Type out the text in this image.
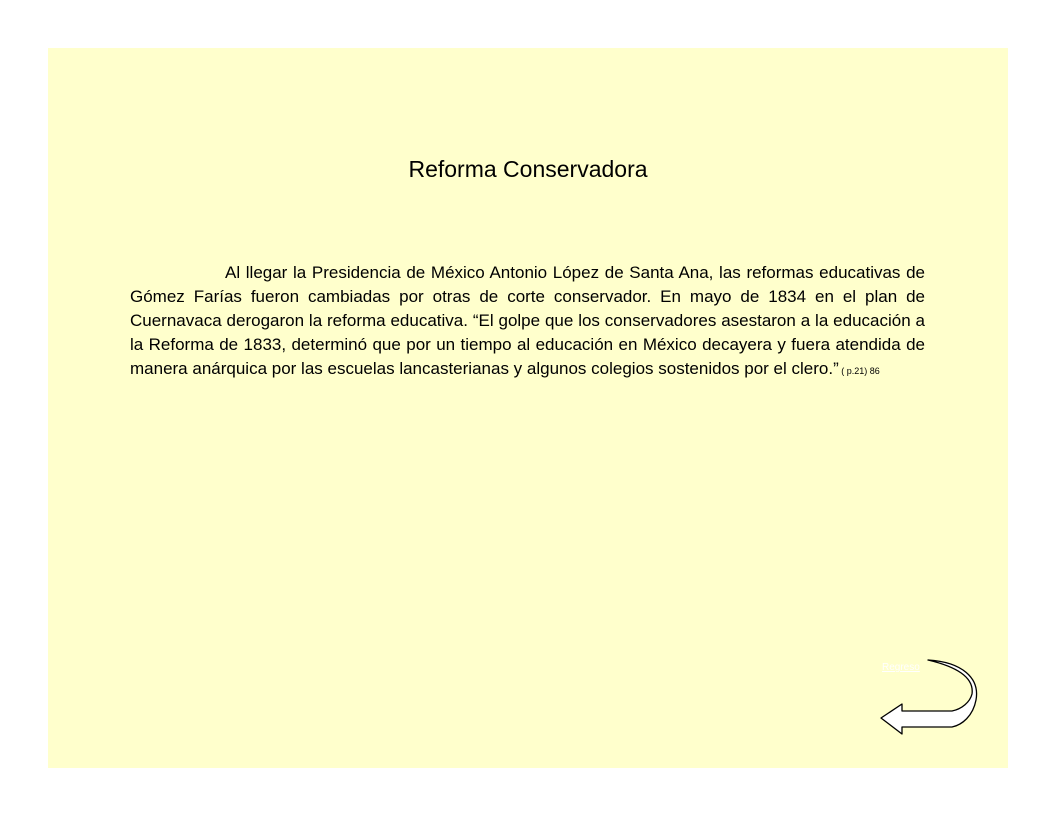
Reforma Conservadora

Al llegar la Presidencia de México Antonio López de Santa Ana, las reformas educativas de Gómez Farías fueron cambiadas por otras de corte conservador. En mayo de 1834 en el plan de Cuernavaca derogaron la reforma educativa. “El golpe que los conservadores asestaron a la educación a la Reforma de 1833, determinó que por un tiempo al educación en México decayera y fuera atendida de manera anárquica por las escuelas lancasterianas y algunos colegios sostenidos por el clero.” ( p.21) 86

Regreso
